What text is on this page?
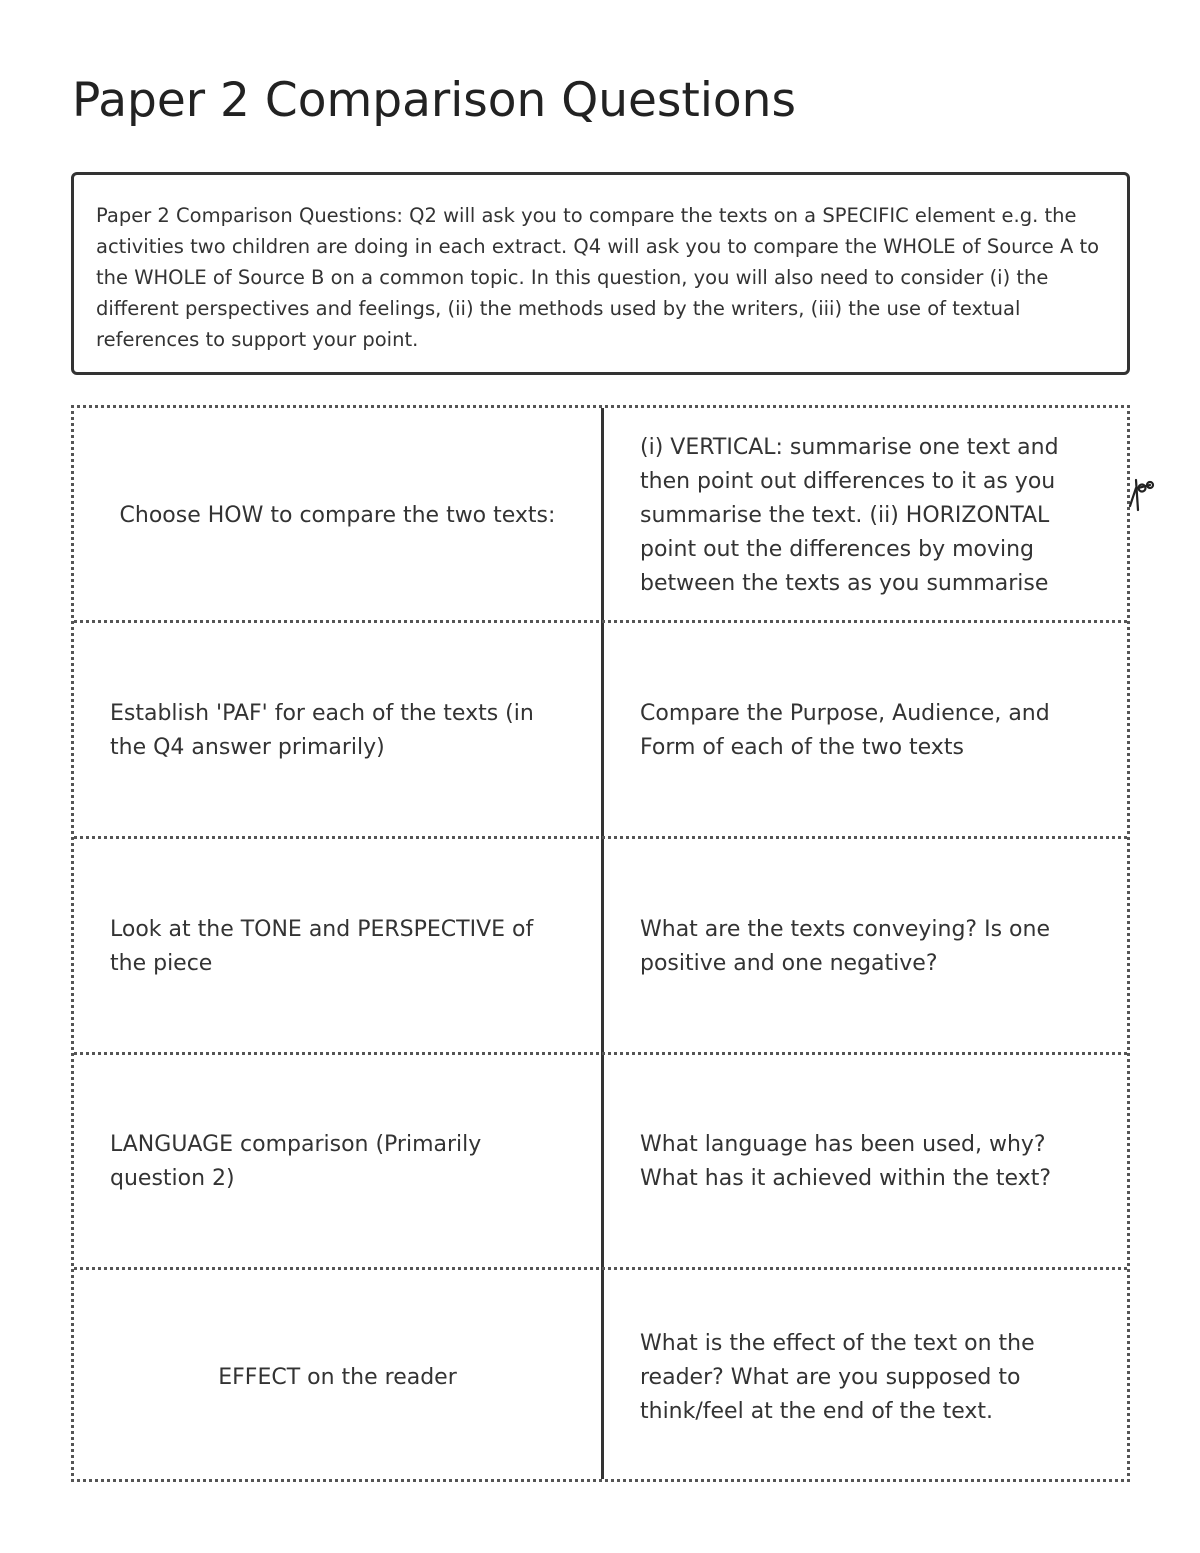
Paper 2 Comparison Questions
Paper 2 Comparison Questions: Q2 will ask you to compare the texts on a SPECIFIC element e.g. the activities two children are doing in each extract. Q4 will ask you to compare the WHOLE of Source A to the WHOLE of Source B on a common topic. In this question, you will also need to consider (i) the different perspectives and feelings, (ii) the methods used by the writers, (iii) the use of textual references to support your point.
Choose HOW to compare the two texts:
(i) VERTICAL: summarise one text and then point out differences to it as you summarise the text. (ii) HORIZONTAL point out the differences by moving between the texts as you summarise
Establish 'PAF' for each of the texts (in the Q4 answer primarily)
Compare the Purpose, Audience, and Form of each of the two texts
Look at the TONE and PERSPECTIVE of the piece
What are the texts conveying? Is one positive and one negative?
LANGUAGE comparison (Primarily question 2)
What language has been used, why? What has it achieved within the text?
EFFECT on the reader
What is the effect of the text on the reader? What are you supposed to think/feel at the end of the text.
